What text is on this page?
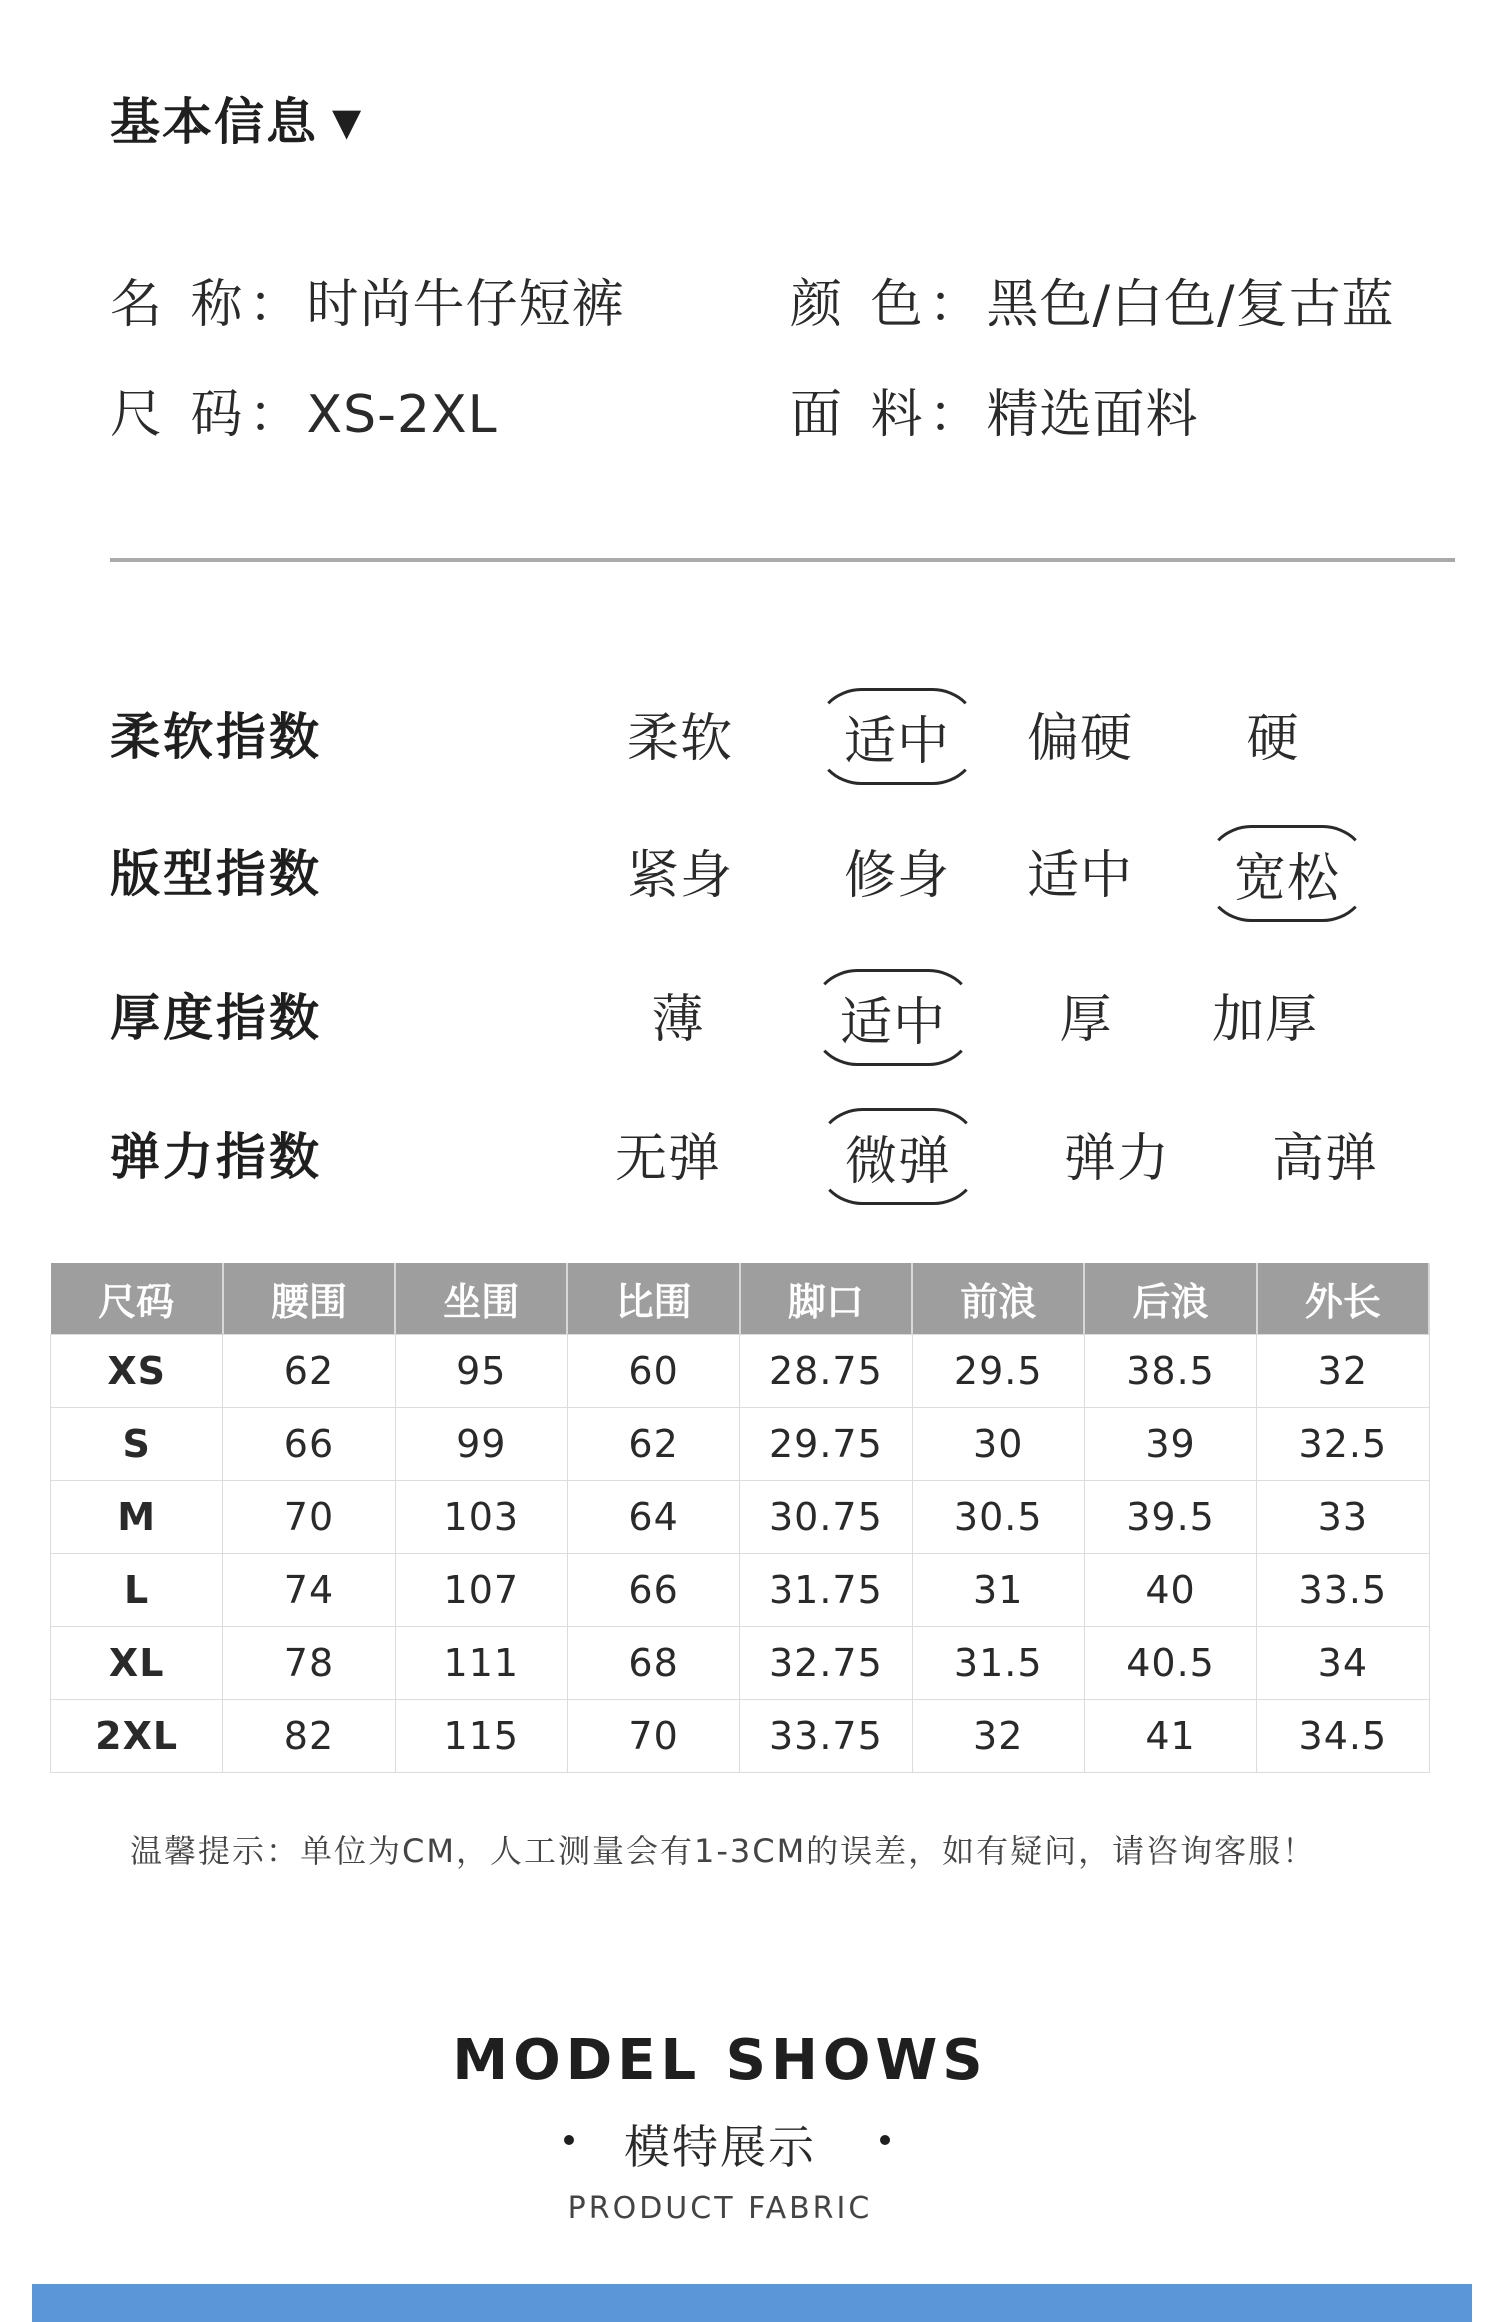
基本信息 ▼
名 称：时尚牛仔短裤	颜 色：黑色/白色/复古蓝
尺 码：XS-2XL	面 料：精选面料
柔软指数	柔软	适中	偏硬	硬
版型指数	紧身	修身	适中	宽松
厚度指数	薄	适中	厚	加厚
弹力指数	无弹	微弹	弹力	高弹
尺码	腰围	坐围	比围	脚口	前浪	后浪	外长
XS	62	95	60	28.75	29.5	38.5	32
S	66	99	62	29.75	30	39	32.5
M	70	103	64	30.75	30.5	39.5	33
L	74	107	66	31.75	31	40	33.5
XL	78	111	68	32.75	31.5	40.5	34
2XL	82	115	70	33.75	32	41	34.5
温馨提示：单位为CM，人工测量会有1-3CM的误差，如有疑问，请咨询客服！
MODEL SHOWS
模特展示
PRODUCT FABRIC
